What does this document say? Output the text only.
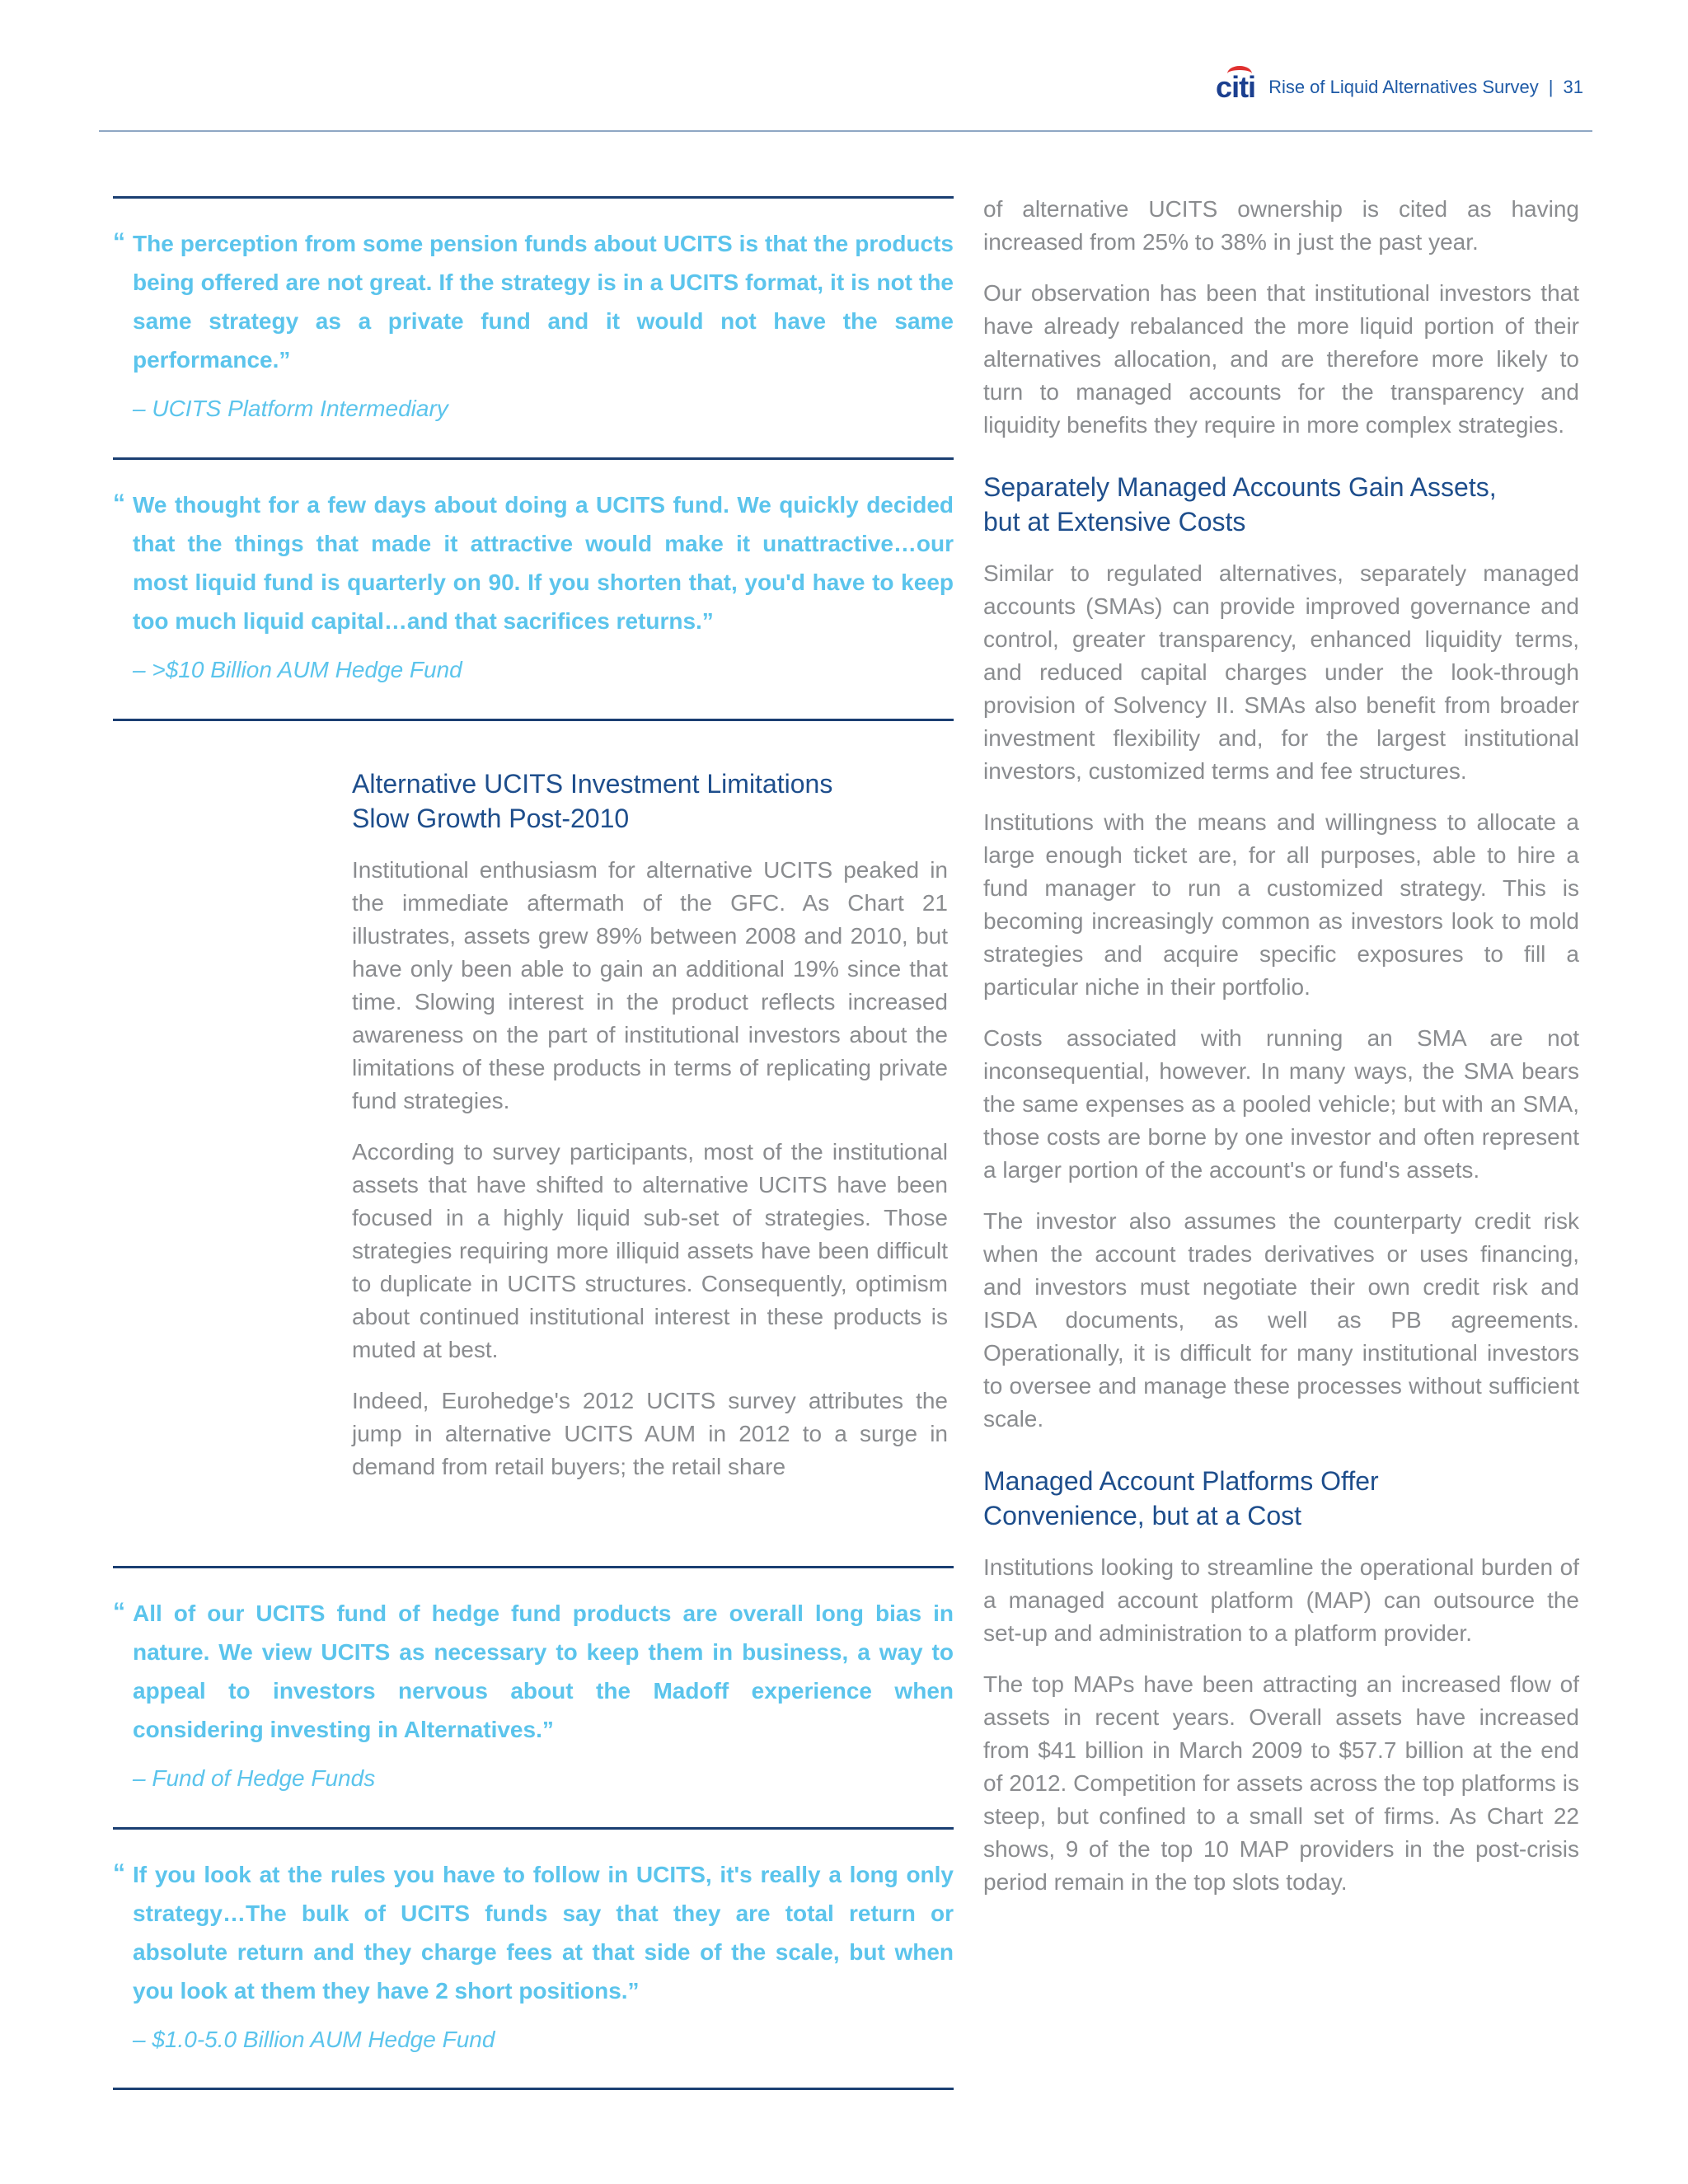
citi Rise of Liquid Alternatives Survey | 31

“ The perception from some pension funds about UCITS is that the products being offered are not great. If the strategy is in a UCITS format, it is not the same strategy as a private fund and it would not have the same performance.”

– UCITS Platform Intermediary

“ We thought for a few days about doing a UCITS fund. We quickly decided that the things that made it attractive would make it unattractive…our most liquid fund is quarterly on 90. If you shorten that, you'd have to keep too much liquid capital…and that sacrifices returns.”

– >$10 Billion AUM Hedge Fund
Alternative UCITS Investment Limitations
Slow Growth Post-2010

Institutional enthusiasm for alternative UCITS peaked in the immediate aftermath of the GFC. As Chart 21 illustrates, assets grew 89% between 2008 and 2010, but have only been able to gain an additional 19% since that time. Slowing interest in the product reflects increased awareness on the part of institutional investors about the limitations of these products in terms of replicating private fund strategies.

According to survey participants, most of the institutional assets that have shifted to alternative UCITS have been focused in a highly liquid sub-set of strategies. Those strategies requiring more illiquid assets have been difficult to duplicate in UCITS structures. Consequently, optimism about continued institutional interest in these products is muted at best.

Indeed, Eurohedge's 2012 UCITS survey attributes the jump in alternative UCITS AUM in 2012 to a surge in demand from retail buyers; the retail share

“ All of our UCITS fund of hedge fund products are overall long bias in nature. We view UCITS as necessary to keep them in business, a way to appeal to investors nervous about the Madoff experience when considering investing in Alternatives.”

– Fund of Hedge Funds

“ If you look at the rules you have to follow in UCITS, it's really a long only strategy…The bulk of UCITS funds say that they are total return or absolute return and they charge fees at that side of the scale, but when you look at them they have 2 short positions.”

– $1.0-5.0 Billion AUM Hedge Fund

of alternative UCITS ownership is cited as having increased from 25% to 38% in just the past year.

Our observation has been that institutional investors that have already rebalanced the more liquid portion of their alternatives allocation, and are therefore more likely to turn to managed accounts for the transparency and liquidity benefits they require in more complex strategies.

Separately Managed Accounts Gain Assets,
but at Extensive Costs

Similar to regulated alternatives, separately managed accounts (SMAs) can provide improved governance and control, greater transparency, enhanced liquidity terms, and reduced capital charges under the look-through provision of Solvency II. SMAs also benefit from broader investment flexibility and, for the largest institutional investors, customized terms and fee structures.

Institutions with the means and willingness to allocate a large enough ticket are, for all purposes, able to hire a fund manager to run a customized strategy. This is becoming increasingly common as investors look to mold strategies and acquire specific exposures to fill a particular niche in their portfolio.

Costs associated with running an SMA are not inconsequential, however. In many ways, the SMA bears the same expenses as a pooled vehicle; but with an SMA, those costs are borne by one investor and often represent a larger portion of the account's or fund's assets.

The investor also assumes the counterparty credit risk when the account trades derivatives or uses financing, and investors must negotiate their own credit risk and ISDA documents, as well as PB agreements. Operationally, it is difficult for many institutional investors to oversee and manage these processes without sufficient scale.

Managed Account Platforms Offer
Convenience, but at a Cost

Institutions looking to streamline the operational burden of a managed account platform (MAP) can outsource the set-up and administration to a platform provider.

The top MAPs have been attracting an increased flow of assets in recent years. Overall assets have increased from $41 billion in March 2009 to $57.7 billion at the end of 2012. Competition for assets across the top platforms is steep, but confined to a small set of firms. As Chart 22 shows, 9 of the top 10 MAP providers in the post-crisis period remain in the top slots today.
